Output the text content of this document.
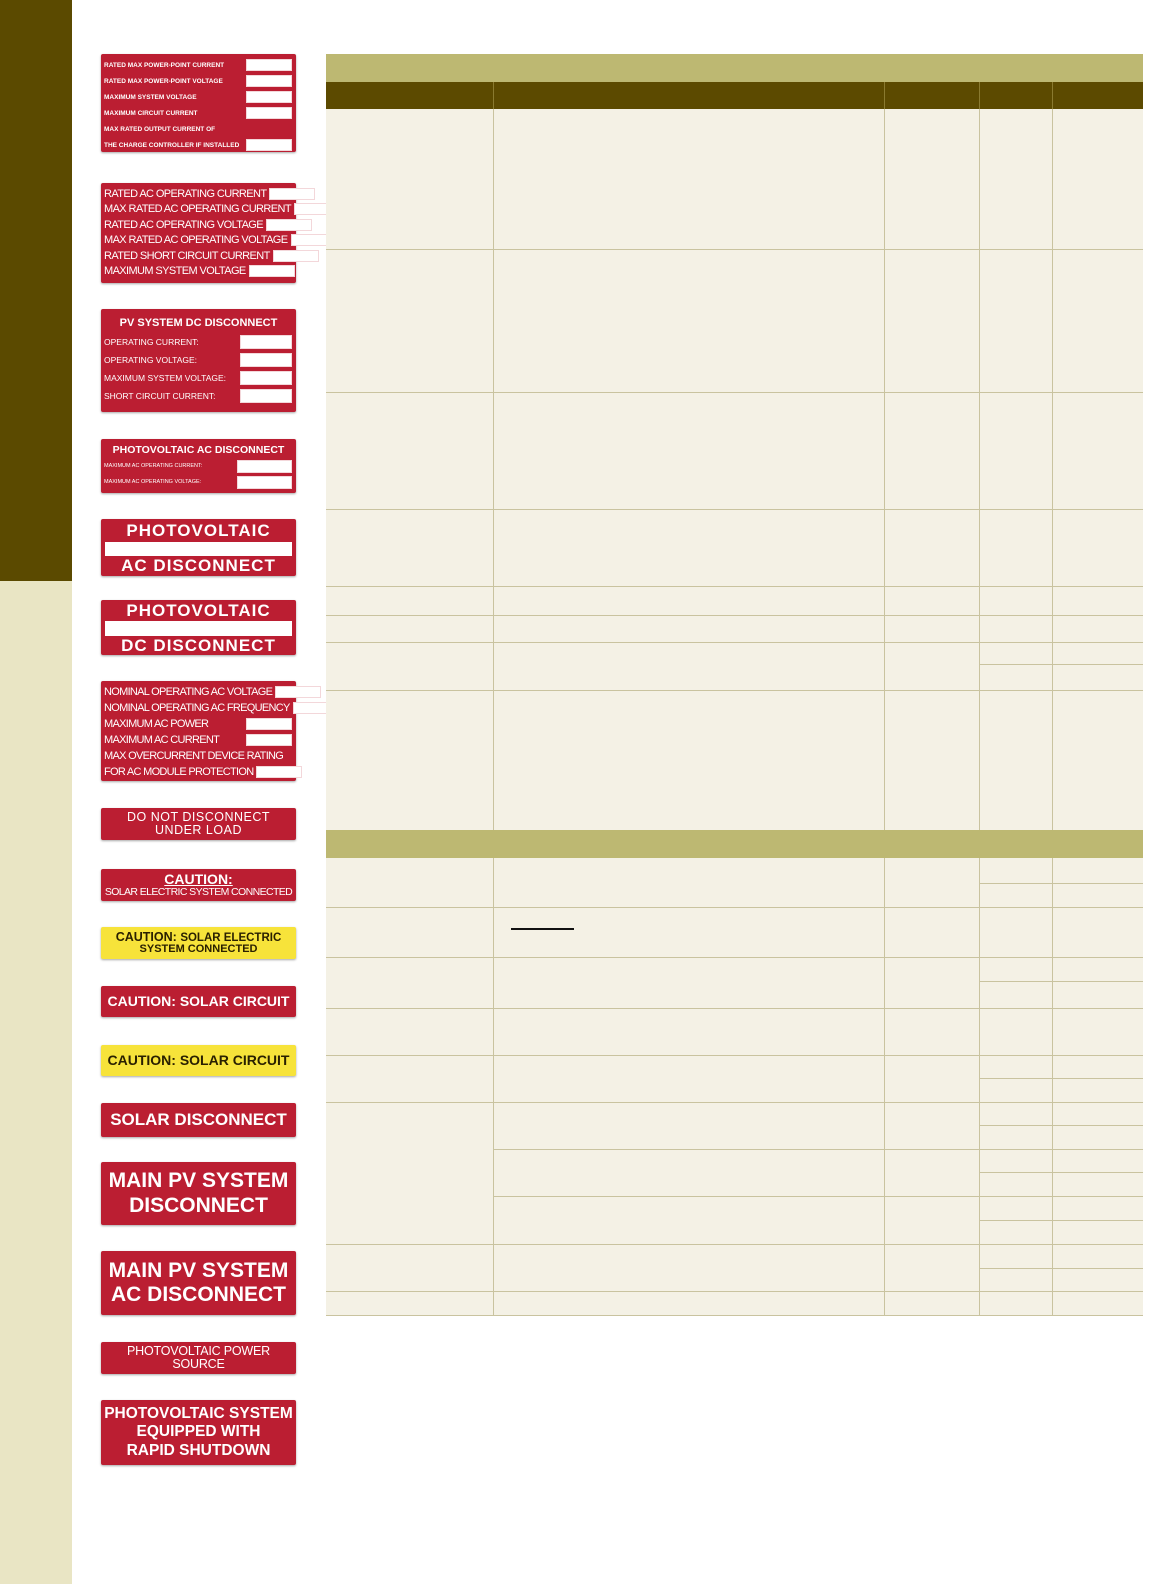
RATED MAX POWER-POINT CURRENT
RATED MAX POWER-POINT VOLTAGE
MAXIMUM SYSTEM VOLTAGE
MAXIMUM CIRCUIT CURRENT
MAX RATED OUTPUT CURRENT OF
THE CHARGE CONTROLLER IF INSTALLED
RATED AC OPERATING CURRENT
MAX RATED AC OPERATING CURRENT
RATED AC OPERATING VOLTAGE
MAX RATED AC OPERATING VOLTAGE
RATED SHORT CIRCUIT CURRENT
MAXIMUM SYSTEM VOLTAGE
PV SYSTEM DC DISCONNECT
OPERATING CURRENT:
OPERATING VOLTAGE:
MAXIMUM SYSTEM VOLTAGE:
SHORT CIRCUIT CURRENT:
PHOTOVOLTAIC AC DISCONNECT
MAXIMUM AC OPERATING CURRENT:
MAXIMUM AC OPERATING VOLTAGE:
PHOTOVOLTAIC
AC DISCONNECT
PHOTOVOLTAIC
DC DISCONNECT
NOMINAL OPERATING AC VOLTAGE
NOMINAL OPERATING AC FREQUENCY
MAXIMUM AC POWER
MAXIMUM AC CURRENT
MAX OVERCURRENT DEVICE RATING
FOR AC MODULE PROTECTION
DO NOT DISCONNECT
UNDER LOAD
CAUTION:
SOLAR ELECTRIC SYSTEM CONNECTED
CAUTION: SOLAR ELECTRIC
SYSTEM CONNECTED
CAUTION: SOLAR CIRCUIT
CAUTION: SOLAR CIRCUIT
SOLAR DISCONNECT
MAIN PV SYSTEM
DISCONNECT
MAIN PV SYSTEM
AC DISCONNECT
PHOTOVOLTAIC POWER SOURCE
PHOTOVOLTAIC SYSTEM
EQUIPPED WITH
RAPID SHUTDOWN
